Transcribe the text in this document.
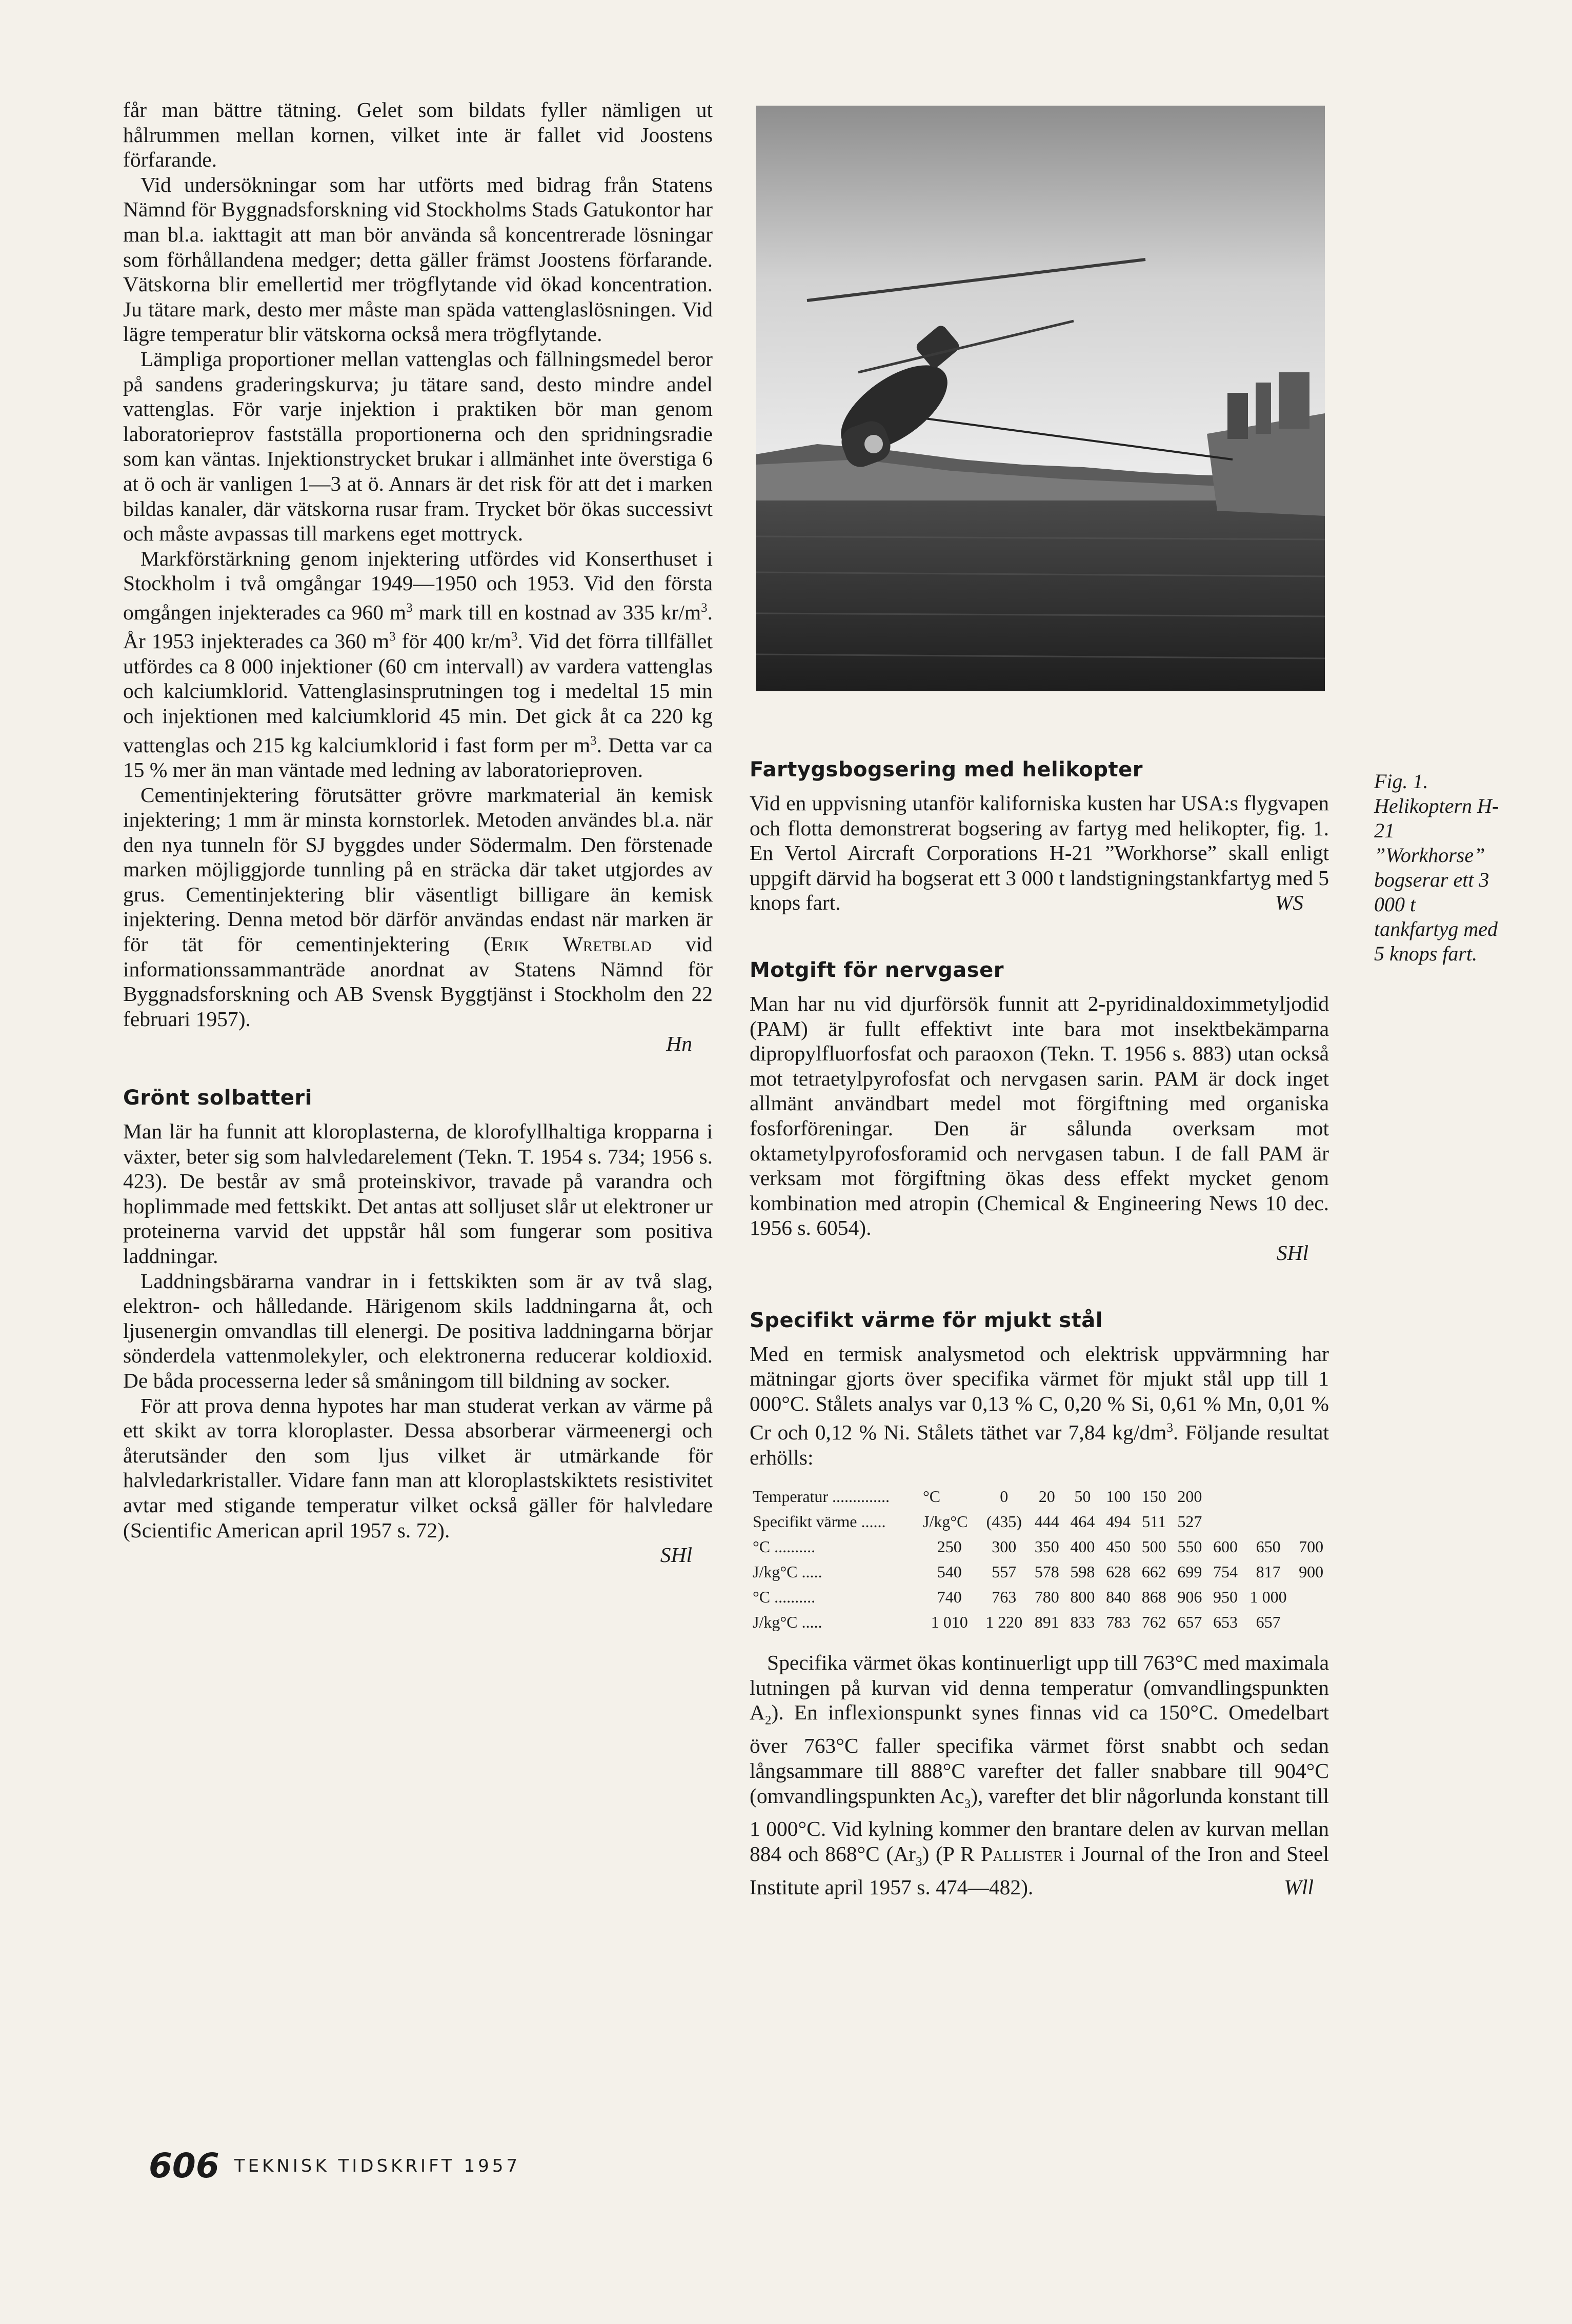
får man bättre tätning. Gelet som bildats fyller nämligen ut hålrummen mellan kornen, vilket inte är fallet vid Joostens förfarande.

Vid undersökningar som har utförts med bidrag från Statens Nämnd för Byggnadsforskning vid Stockholms Stads Gatukontor har man bl.a. iakttagit att man bör använda så koncentrerade lösningar som förhållandena medger; detta gäller främst Joostens förfarande. Vätskorna blir emellertid mer trögflytande vid ökad koncentration. Ju tätare mark, desto mer måste man späda vattenglaslösningen. Vid lägre temperatur blir vätskorna också mera trögflytande.

Lämpliga proportioner mellan vattenglas och fällningsmedel beror på sandens graderingskurva; ju tätare sand, desto mindre andel vattenglas. För varje injektion i praktiken bör man genom laboratorieprov fastställa proportionerna och den spridningsradie som kan väntas. Injektionstrycket brukar i allmänhet inte överstiga 6 at ö och är vanligen 1—3 at ö. Annars är det risk för att det i marken bildas kanaler, där vätskorna rusar fram. Trycket bör ökas successivt och måste avpassas till markens eget mottryck.

Markförstärkning genom injektering utfördes vid Konserthuset i Stockholm i två omgångar 1949—1950 och 1953. Vid den första omgången injekterades ca 960 $m^3$ mark till en kostnad av 335 $kr/m^3$. År 1953 injekterades ca 360 $m^3$ för 400 $kr/m^3$. Vid det förra tillfället utfördes ca 8 000 injektioner (60 cm intervall) av vardera vattenglas och kalciumklorid. Vattenglasinsprutningen tog i medeltal 15 min och injektionen med kalciumklorid 45 min. Det gick åt ca 220 kg vattenglas och 215 kg kalciumklorid i fast form per $m^3$. Detta var ca 15 % mer än man väntade med ledning av laboratorieproven.

Cementinjektering förutsätter grövre markmaterial än kemisk injektering; 1 mm är minsta kornstorlek. Metoden användes bl.a. när den nya tunneln för SJ byggdes under Södermalm. Den förstenade marken möjliggjorde tunnling på en sträcka där taket utgjordes av grus. Cementinjektering blir väsentligt billigare än kemisk injektering. Denna metod bör därför användas endast när marken är för tät för cementinjektering (Erik Wretblad vid informationssammanträde anordnat av Statens Nämnd för Byggnadsforskning och AB Svensk Byggtjänst i Stockholm den 22 februari 1957).
Hn

Grönt solbatteri

Man lär ha funnit att kloroplasterna, de klorofyllhaltiga kropparna i växter, beter sig som halvledarelement (Tekn. T. 1954 s. 734; 1956 s. 423). De består av små proteinskivor, travade på varandra och hoplimmade med fettskikt. Det antas att solljuset slår ut elektroner ur proteinerna varvid det uppstår hål som fungerar som positiva laddningar.

Laddningsbärarna vandrar in i fettskikten som är av två slag, elektron- och hålledande. Härigenom skils laddningarna åt, och ljusenergin omvandlas till elenergi. De positiva laddningarna börjar sönderdela vattenmolekyler, och elektronerna reducerar koldioxid. De båda processerna leder så småningom till bildning av socker.

För att prova denna hypotes har man studerat verkan av värme på ett skikt av torra kloroplaster. Dessa absorberar värmeenergi och återutsänder den som ljus vilket är utmärkande för halvledarkristaller. Vidare fann man att kloroplastskiktets resistivitet avtar med stigande temperatur vilket också gäller för halvledare (Scientific American april 1957 s. 72).
SHl

Fig. 1. Helikoptern H-21 ”Workhorse” bogserar ett 3 000 t tankfartyg med 5 knops fart.
Fartygsbogsering med helikopter

Vid en uppvisning utanför kaliforniska kusten har USA:s flygvapen och flotta demonstrerat bogsering av fartyg med helikopter, fig. 1. En Vertol Aircraft Corporations H-21 ”Workhorse” skall enligt uppgift därvid ha bogserat ett 3 000 t landstigningstankfartyg med 5 knops fart.	WS

Motgift för nervgaser

Man har nu vid djurförsök funnit att 2-pyridinaldoximmetyljodid (PAM) är fullt effektivt inte bara mot insektbekämparna dipropylfluorfosfat och paraoxon (Tekn. T. 1956 s. 883) utan också mot tetraetylpyrofosfat och nervgasen sarin. PAM är dock inget allmänt användbart medel mot förgiftning med organiska fosforföreningar. Den är sålunda overksam mot oktametylpyrofosforamid och nervgasen tabun. I de fall PAM är verksam mot förgiftning ökas dess effekt mycket genom kombination med atropin (Chemical & Engineering News 10 dec. 1956 s. 6054).
SHl

Specifikt värme för mjukt stål

Med en termisk analysmetod och elektrisk uppvärmning har mätningar gjorts över specifika värmet för mjukt stål upp till 1 000°C. Stålets analys var 0,13 % C, 0,20 % Si, 0,61 % Mn, 0,01 % Cr och 0,12 % Ni. Stålets täthet var 7,84 $kg/dm^3$. Följande resultat erhölls:

Temperatur ..............	°C	0	20	50	100	150	200			
Specifikt värme ......	J/kg°C	(435)	444	464	494	511	527			
°C ..........	250	300	350	400	450	500	550	600	650	700
J/kg°C .....	540	557	578	598	628	662	699	754	817	900
°C ..........	740	763	780	800	840	868	906	950	1 000	
J/kg°C .....	1 010	1 220	891	833	783	762	657	653	657	

Specifika värmet ökas kontinuerligt upp till 763°C med maximala lutningen på kurvan vid denna temperatur (omvandlingspunkten $A_2$). En inflexionspunkt synes finnas vid ca 150°C. Omedelbart över 763°C faller specifika värmet först snabbt och sedan långsammare till 888°C varefter det faller snabbare till 904°C (omvandlingspunkten $Ac_3$), varefter det blir någorlunda konstant till 1 000°C. Vid kylning kommer den brantare delen av kurvan mellan 884 och 868°C $(Ar_3)$ (P R Pallister i Journal of the Iron and Steel Institute april 1957 s. 474—482).	Wll

606 TEKNISK TIDSKRIFT 1957
